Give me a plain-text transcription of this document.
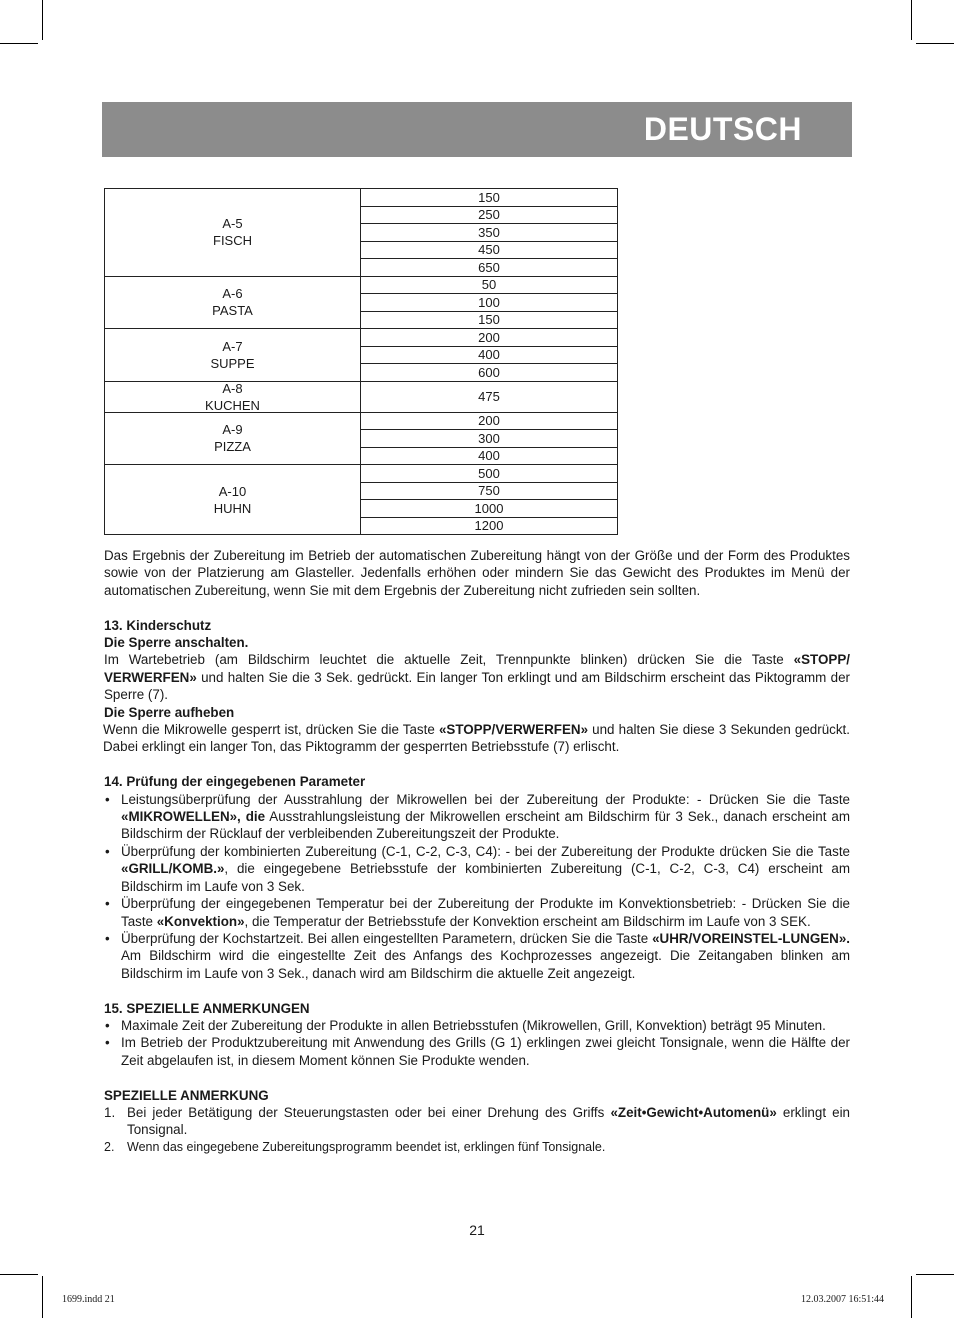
DEUTSCH
A-5
FISCH	150
	250
	350
	450
	650

A-6
PASTA	50
	100
	150

A-7
SUPPE	200
	400
	600

A-8
KUCHEN	475

A-9
PIZZA	200
	300
	400

A-10
HUHN	500
	750
	1000
	1200

Das Ergebnis der Zubereitung im Betrieb der automatischen Zubereitung hängt von der Größe und der Form des Produktes sowie von der Platzierung am Glasteller. Jedenfalls erhöhen oder mindern Sie das Gewicht des Produktes im Menü der automatischen Zubereitung, wenn Sie mit dem Ergebnis der Zubereitung nicht zufrieden sein sollten.

13. Kinderschutz

Die Sperre anschalten.

Im Wartebetrieb (am Bildschirm leuchtet die aktuelle Zeit, Trennpunkte blinken) drücken Sie die Taste «STOPP/ VERWERFEN» und halten Sie die 3 Sek. gedrückt. Ein langer Ton erklingt und am Bildschirm erscheint das Piktogramm der Sperre (7).

Die Sperre aufheben

Wenn die Mikrowelle gesperrt ist, drücken Sie die Taste «STOPP/VERWERFEN» und halten Sie diese 3 Sekunden gedrückt. Dabei erklingt ein langer Ton, das Piktogramm der gesperrten Betriebsstufe (7) erlischt.

14. Prüfung der eingegebenen Parameter

• Leistungsüberprüfung der Ausstrahlung der Mikrowellen bei der Zubereitung der Produkte: - Drücken Sie die Taste «MIKROWELLEN», die Ausstrahlungsleistung der Mikrowellen erscheint am Bildschirm für 3 Sek., danach erscheint am Bildschirm der Rücklauf der verbleibenden Zubereitungszeit der Produkte.
• Überprüfung der kombinierten Zubereitung (C-1, C-2, C-3, C4): - bei der Zubereitung der Produkte drücken Sie die Taste «GRILL/KOMB.», die eingegebene Betriebsstufe der kombinierten Zubereitung (C-1, C-2, C-3, C4) erscheint am Bildschirm im Laufe von 3 Sek.
• Überprüfung der eingegebenen Temperatur bei der Zubereitung der Produkte im Konvektionsbetrieb: - Drücken Sie die Taste «Konvektion», die Temperatur der Betriebsstufe der Konvektion erscheint am Bildschirm im Laufe von 3 SEK.
• Überprüfung der Kochstartzeit. Bei allen eingestellten Parametern, drücken Sie die Taste «UHR/VOREINSTEL-LUNGEN». Am Bildschirm wird die eingestellte Zeit des Anfangs des Kochprozesses angezeigt. Die Zeitangaben blinken am Bildschirm im Laufe von 3 Sek., danach wird am Bildschirm die aktuelle Zeit angezeigt.

15. SPEZIELLE ANMERKUNGEN

• Maximale Zeit der Zubereitung der Produkte in allen Betriebsstufen (Mikrowellen, Grill, Konvektion) beträgt 95 Minuten.
• Im Betrieb der Produktzubereitung mit Anwendung des Grills (G 1) erklingen zwei gleicht Tonsignale, wenn die Hälfte der Zeit abgelaufen ist, in diesem Moment können Sie Produkte wenden.

SPEZIELLE ANMERKUNG

1. Bei jeder Betätigung der Steuerungstasten oder bei einer Drehung des Griffs «Zeit•Gewicht•Automenü» erklingt ein Tonsignal.
2. Wenn das eingegebene Zubereitungsprogramm beendet ist, erklingen fünf Tonsignale.
21
1699.indd 21	12.03.2007 16:51:44
